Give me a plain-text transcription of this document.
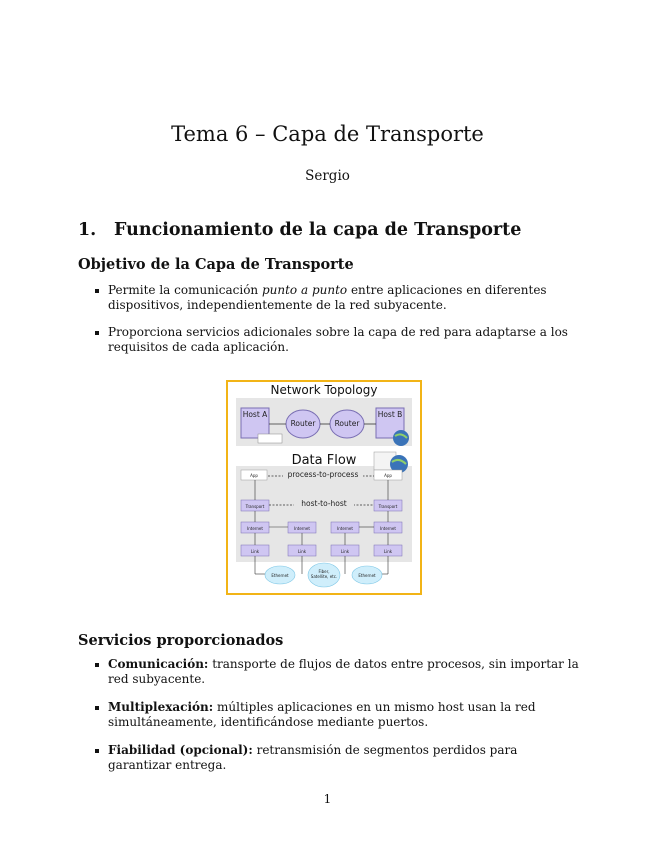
Tema 6 – Capa de Transporte
Sergio
1. Funcionamiento de la capa de Transporte
Objetivo de la Capa de Transporte
Permite la comunicación punto a punto entre aplicaciones en diferentes dispositivos, independientemente de la red subyacente.
Proporciona servicios adicionales sobre la capa de red para adaptarse a los requisitos de cada aplicación.
Network Topology
Data Flow
Host A
Router	Router
Host B
App	App
process-to-process
host-to-host
Transport
Internet
Link
Internet
Link
Internet
Link
Transport
Internet
Link
Ethernet
Fiber, Satellite, etc.	Ethernet
Servicios proporcionados
Comunicación: transporte de flujos de datos entre procesos, sin importar la red subyacente.
Multiplexación: múltiples aplicaciones en un mismo host usan la red simultáneamente, identificándose mediante puertos.
Fiabilidad (opcional): retransmisión de segmentos perdidos para garantizar entrega.
1
